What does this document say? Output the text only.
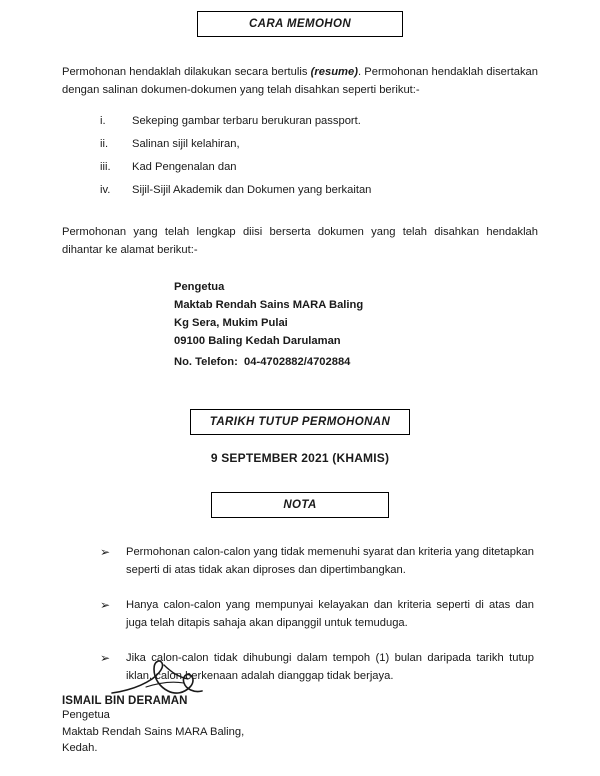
CARA MEMOHON

Permohonan hendaklah dilakukan secara bertulis (resume). Permohonan hendaklah disertakan dengan salinan dokumen-dokumen yang telah disahkan seperti berikut:-

i.	Sekeping gambar terbaru berukuran passport.
ii.	Salinan sijil kelahiran,
iii.	Kad Pengenalan dan
iv.	Sijil-Sijil Akademik dan Dokumen yang berkaitan

Permohonan yang telah lengkap diisi berserta dokumen yang telah disahkan hendaklah dihantar ke alamat berikut:-

Pengetua
Maktab Rendah Sains MARA Baling
Kg Sera, Mukim Pulai
09100 Baling Kedah Darulaman
No. Telefon:  04-4702882/4702884
TARIKH TUTUP PERMOHONAN
9 SEPTEMBER 2021 (KHAMIS)
NOTA
➢	Permohonan calon-calon yang tidak memenuhi syarat dan kriteria yang ditetapkan seperti di atas tidak akan diproses dan dipertimbangkan.
➢	Hanya calon-calon yang mempunyai kelayakan dan kriteria seperti di atas dan juga telah ditapis sahaja akan dipanggil untuk temuduga.
➢	Jika calon-calon tidak dihubungi dalam tempoh (1) bulan daripada tarikh tutup iklan, calon berkenaan adalah dianggap tidak berjaya.
ISMAIL BIN DERAMAN
Pengetua
Maktab Rendah Sains MARA Baling,
Kedah.
